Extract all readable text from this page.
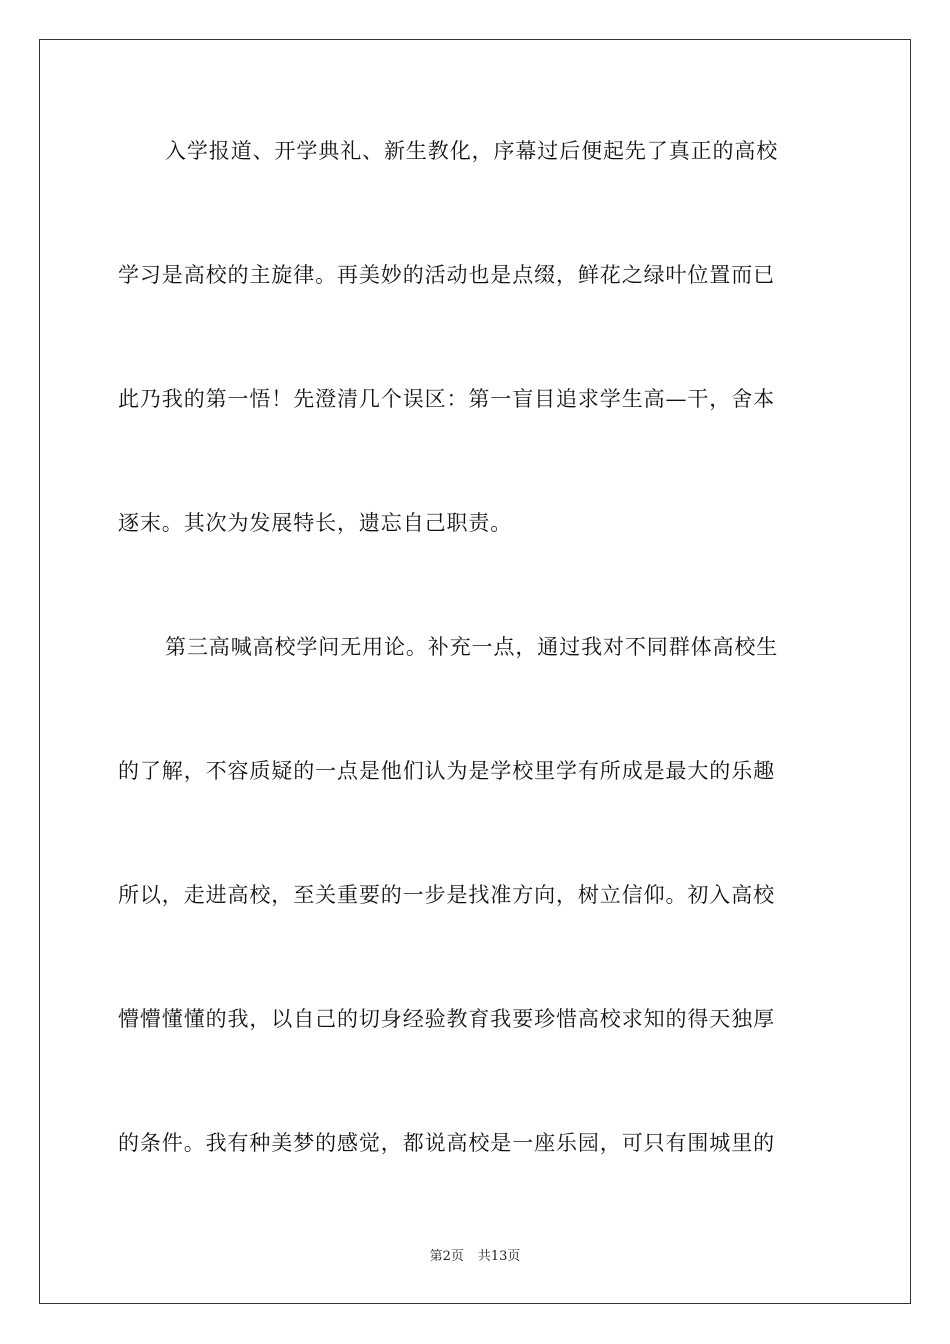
入学报道、开学典礼、新生教化，序幕过后便起先了真正的高校
学习是高校的主旋律。再美妙的活动也是点缀，鲜花之绿叶位置而已
此乃我的第一悟！先澄清几个误区：第一盲目追求学生高—干，舍本
逐末。其次为发展特长，遗忘自己职责。
第三高喊高校学问无用论。补充一点，通过我对不同群体高校生
的了解，不容质疑的一点是他们认为是学校里学有所成是最大的乐趣
所以，走进高校，至关重要的一步是找准方向，树立信仰。初入高校
懵懵懂懂的我，以自己的切身经验教育我要珍惜高校求知的得天独厚
的条件。我有种美梦的感觉，都说高校是一座乐园，可只有围城里的
第2页 共13页
